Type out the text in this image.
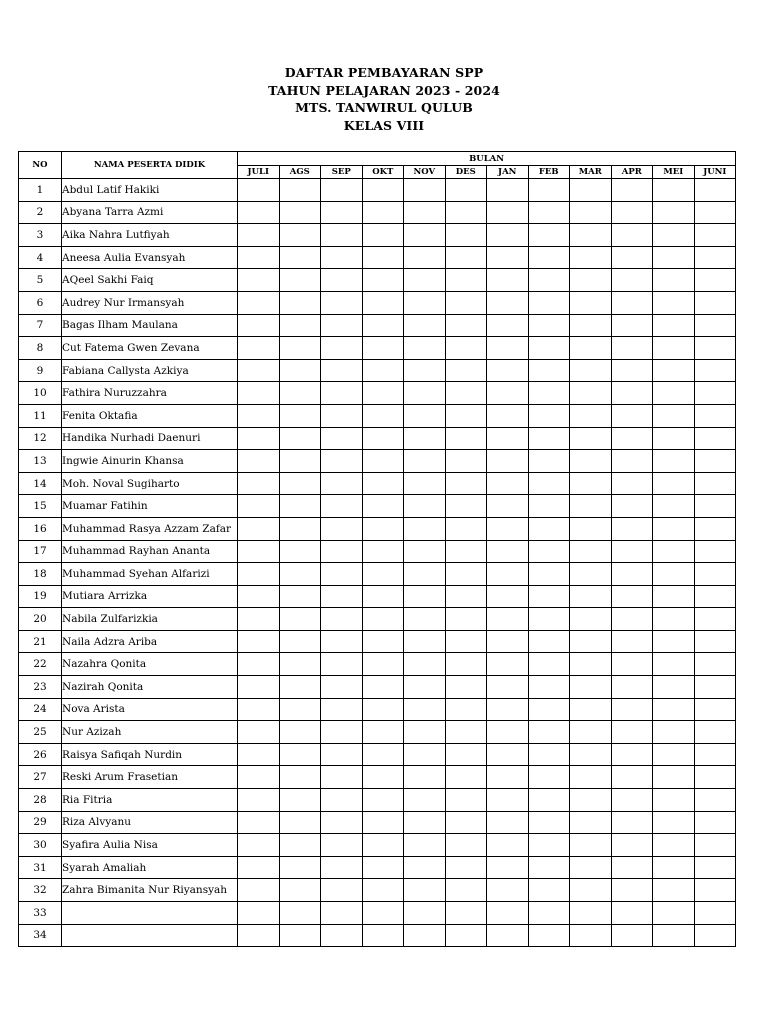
DAFTAR PEMBAYARAN SPP
TAHUN PELAJARAN 2023 - 2024
MTS. TANWIRUL QULUB
KELAS VIII
NO	NAMA PESERTA DIDIK	BULAN											
		JULI	AGS	SEP	OKT	NOV	DES	JAN	FEB	MAR	APR	MEI	JUNI
1	Abdul Latif Hakiki												
2	Abyana Tarra Azmi												
3	Aika Nahra Lutfiyah												
4	Aneesa Aulia Evansyah												
5	AQeel Sakhi Faiq												
6	Audrey Nur Irmansyah												
7	Bagas Ilham Maulana												
8	Cut Fatema Gwen Zevana												
9	Fabiana Callysta Azkiya												
10	Fathira Nuruzzahra												
11	Fenita Oktafia												
12	Handika Nurhadi Daenuri												
13	Ingwie Ainurin Khansa												
14	Moh. Noval Sugiharto												
15	Muamar Fatihin												
16	Muhammad Rasya Azzam Zafar												
17	Muhammad Rayhan Ananta												
18	Muhammad Syehan Alfarizi												
19	Mutiara Arrizka												
20	Nabila Zulfarizkia												
21	Naila Adzra Ariba												
22	Nazahra Qonita												
23	Nazirah Qonita												
24	Nova Arista												
25	Nur Azizah												
26	Raisya Safiqah Nurdin												
27	Reski Arum Frasetian												
28	Ria Fitria												
29	Riza Alvyanu												
30	Syafira Aulia Nisa												
31	Syarah Amaliah												
32	Zahra Bimanita Nur Riyansyah												
33													
34													
